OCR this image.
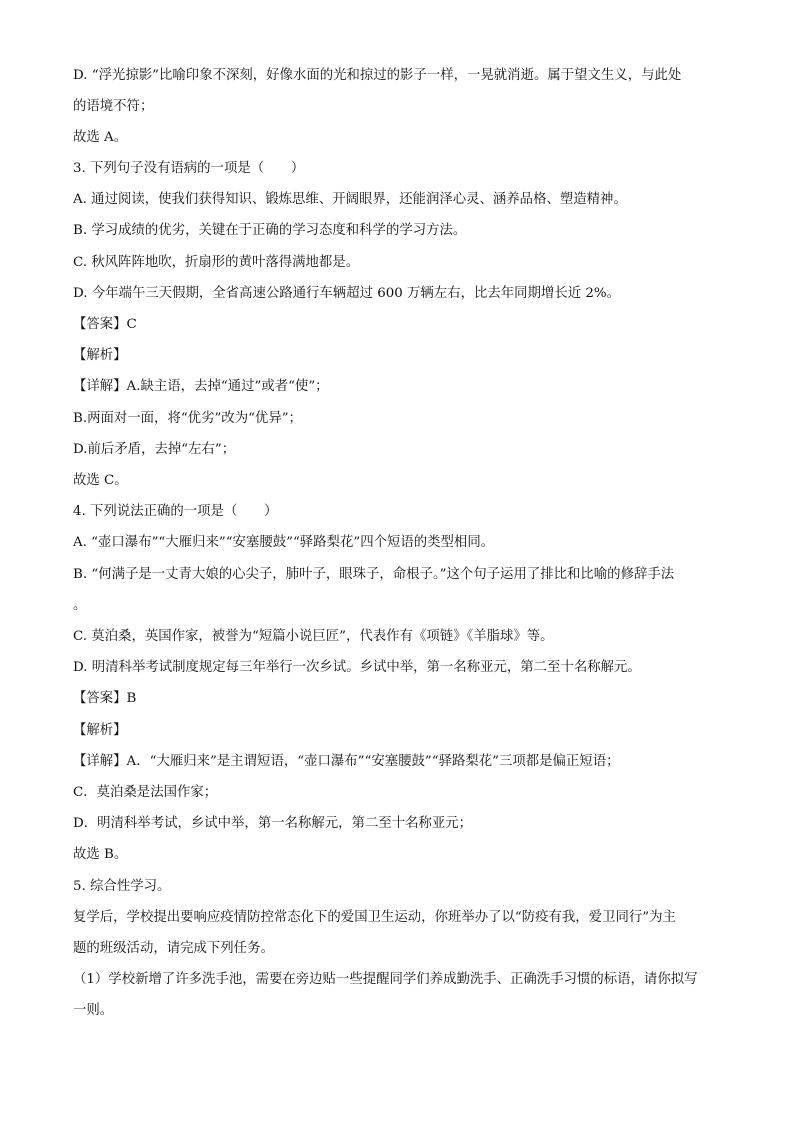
D. “浮光掠影”比喻印象不深刻，好像水面的光和掠过的影子一样，一晃就消逝。属于望文生义，与此处
的语境不符；
故选 A。
3. 下列句子没有语病的一项是（　　）
A. 通过阅读，使我们获得知识、锻炼思维、开阔眼界，还能润泽心灵、涵养品格、塑造精神。
B. 学习成绩的优劣，关键在于正确的学习态度和科学的学习方法。
C. 秋风阵阵地吹，折扇形的黄叶落得满地都是。
D. 今年端午三天假期，全省高速公路通行车辆超过 600 万辆左右，比去年同期增长近 2%。
【答案】C
【解析】
【详解】A.缺主语，去掉“通过”或者“使”；
B.两面对一面，将“优劣”改为“优异”；
D.前后矛盾，去掉“左右”；
故选 C。
4. 下列说法正确的一项是（　　）
A. “壶口瀑布”“大雁归来”“安塞腰鼓”“驿路梨花”四个短语的类型相同。
B. “何满子是一丈青大娘的心尖子，肺叶子，眼珠子，命根子。”这个句子运用了排比和比喻的修辞手法
。
C. 莫泊桑，英国作家，被誉为“短篇小说巨匠”，代表作有《项链》《羊脂球》等。
D. 明清科举考试制度规定每三年举行一次乡试。乡试中举，第一名称亚元，第二至十名称解元。
【答案】B
【解析】
【详解】A．“大雁归来”是主谓短语，“壶口瀑布”“安塞腰鼓”“驿路梨花”三项都是偏正短语；
C．莫泊桑是法国作家；
D．明清科举考试，乡试中举，第一名称解元，第二至十名称亚元；
故选 B。
5. 综合性学习。
复学后，学校提出要响应疫情防控常态化下的爱国卫生运动，你班举办了以“防疫有我，爱卫同行”为主
题的班级活动，请完成下列任务。
（1）学校新增了许多洗手池，需要在旁边贴一些提醒同学们养成勤洗手、正确洗手习惯的标语，请你拟写
一则。
